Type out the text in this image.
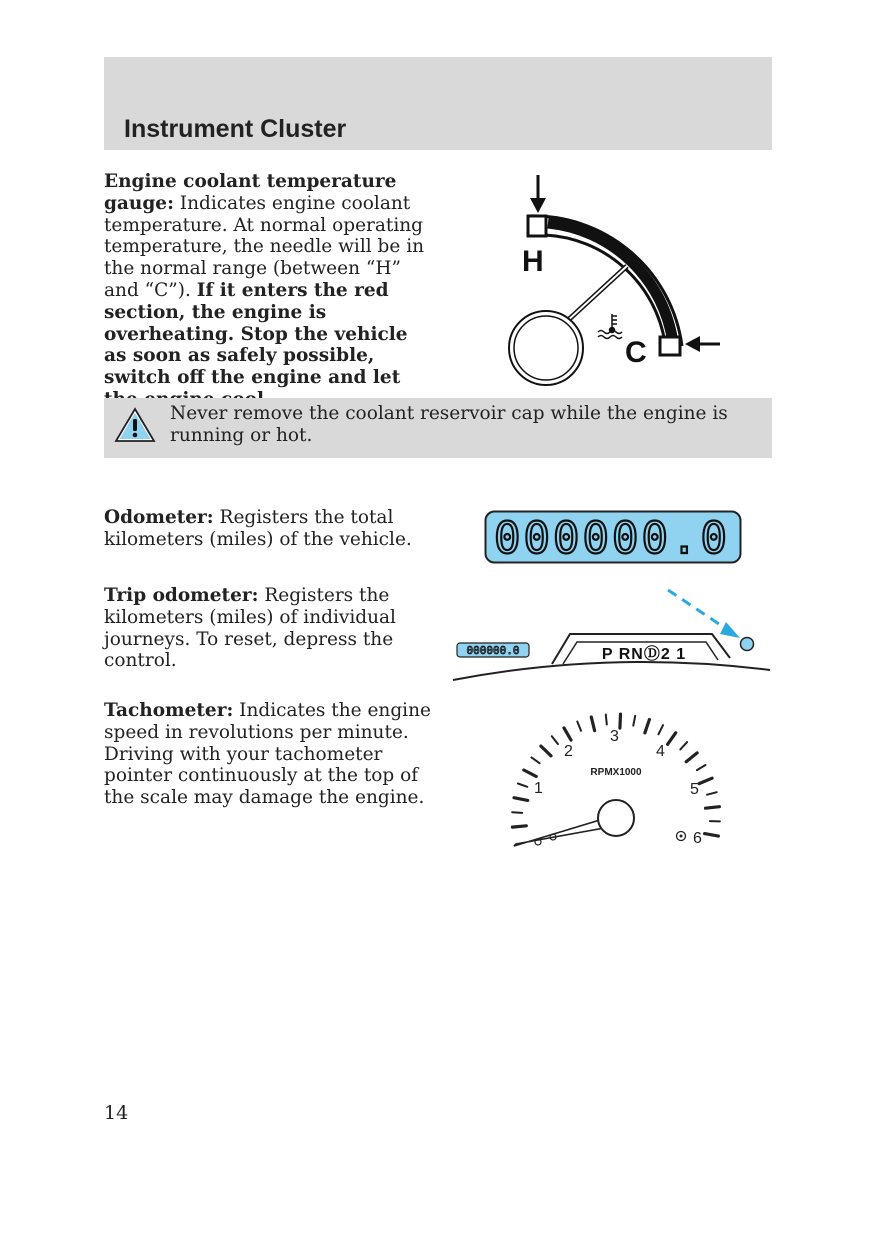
Instrument Cluster
Engine coolant temperature gauge: Indicates engine coolant temperature. At normal operating temperature, the needle will be in the normal range (between “H” and “C”). If it enters the red section, the engine is overheating. Stop the vehicle as soon as safely possible, switch off the engine and let
H
C
Never remove the coolant reservoir cap while the engine is running or hot.
Odometer: Registers the total kilometers (miles) of the vehicle.	000000.0
Trip odometer: Registers the kilometers (miles) of individual journeys. To reset, depress the control.	P RNⒹ2 1
000000.0
Tachometer: Indicates the engine speed in revolutions per minute. Driving with your tachometer pointer continuously at the top of the scale may damage the engine.	1
2
3
4
5
6
RPMX1000
14
